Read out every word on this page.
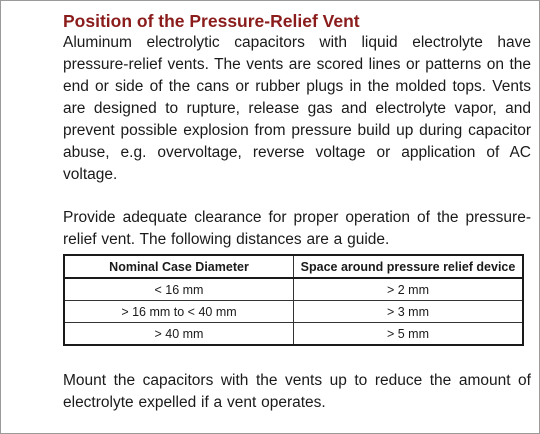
Position of the Pressure-Relief Vent

Aluminum electrolytic capacitors with liquid electrolyte have pressure-relief vents. The vents are scored lines or patterns on the end or side of the cans or rubber plugs in the molded tops. Vents are designed to rupture, release gas and electrolyte vapor, and prevent possible explosion from pressure build up during capacitor abuse, e.g. overvoltage, reverse voltage or application of AC voltage.

Provide adequate clearance for proper operation of the pressure-relief vent. The following distances are a guide.

Nominal Case Diameter	Space around pressure relief device
< 16 mm	> 2 mm
> 16 mm to < 40 mm	> 3 mm
> 40 mm	> 5 mm

Mount the capacitors with the vents up to reduce the amount of electrolyte expelled if a vent operates.
